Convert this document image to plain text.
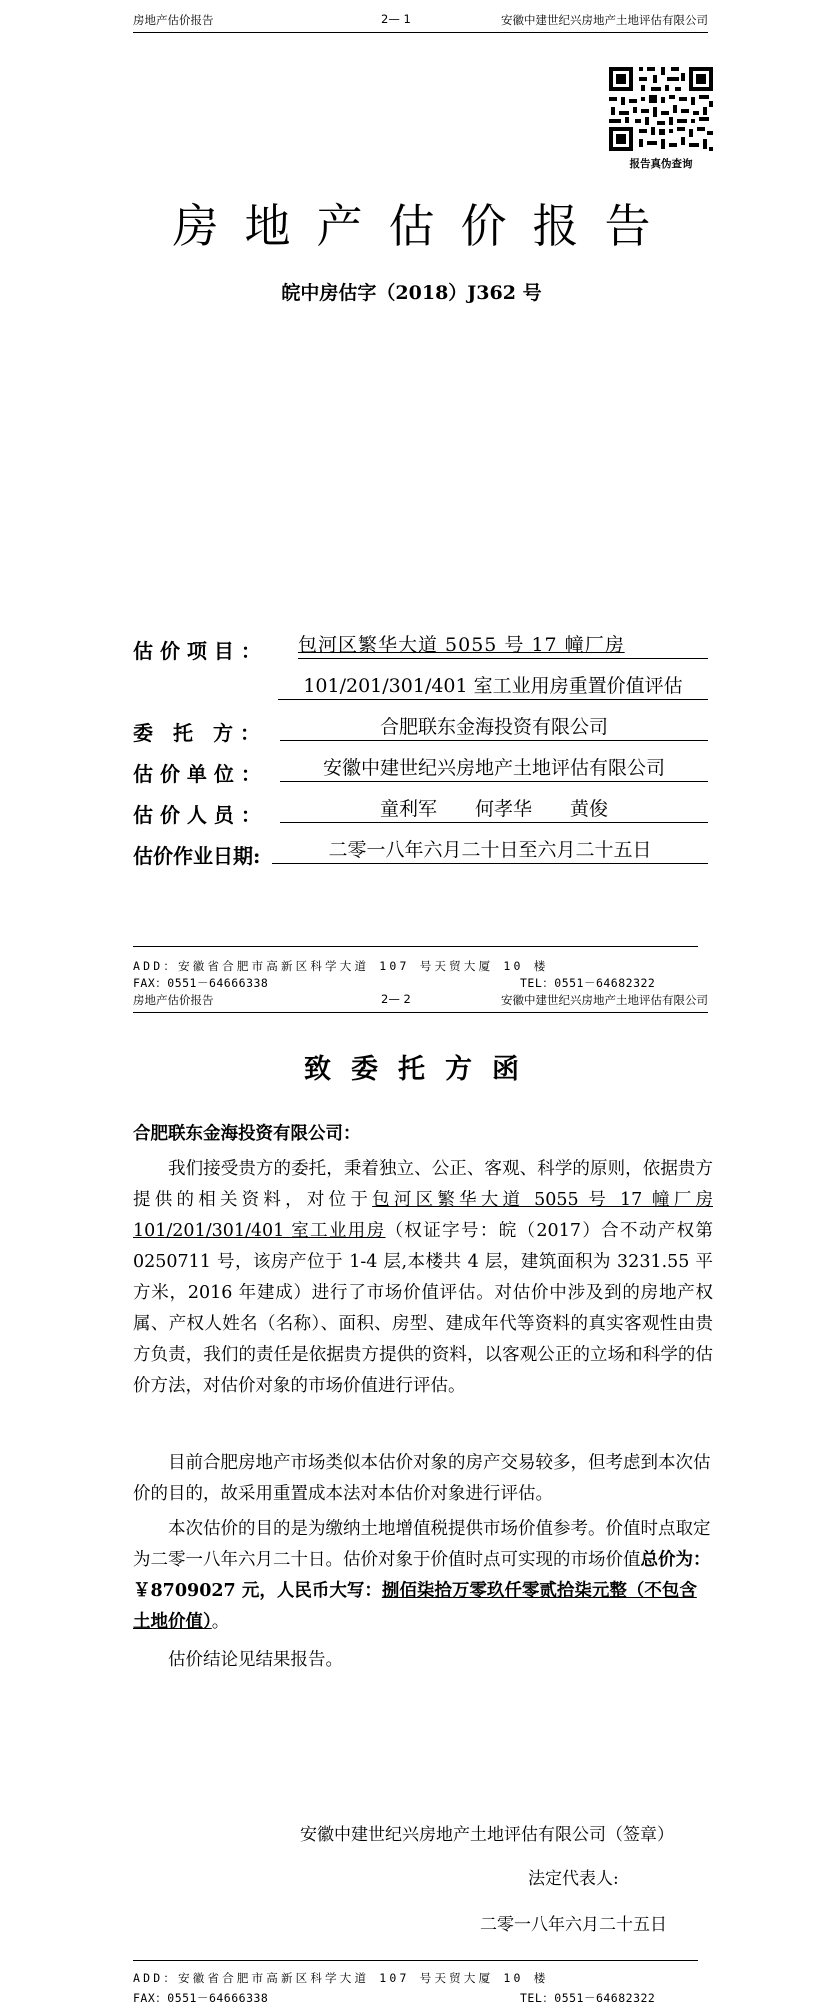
房地产估价报告	2— 1	安徽中建世纪兴房地产土地评估有限公司
报告真伪查询
房地产估价报告
皖中房估字（2018）J362 号
估 价 项 目 ： 包河区繁华大道 5055 号 17 幢厂房
101/201/301/401 室工业用房重置价值评估
委　托　方 ：	合肥联东金海投资有限公司
估 价 单 位 ：	安徽中建世纪兴房地产土地评估有限公司
估 价 人 员 ：	童利军　　何孝华　　黄俊
估价作业日期:	二零一八年六月二十日至六月二十五日
ADD：安徽省合肥市高新区科学大道 107 号天贸大厦 10 楼
FAX：0551－64666338	TEL：0551－64682322
房地产估价报告	2— 2	安徽中建世纪兴房地产土地评估有限公司
致委托方函
合肥联东金海投资有限公司：
我们接受贵方的委托，秉着独立、公正、客观、科学的原则，依据贵方提供的相关资料，对位于包河区繁华大道 5055 号 17 幢厂房 101/201/301/401 室工业用房（权证字号：皖（2017）合不动产权第 0250711 号，该房产位于 1-4 层,本楼共 4 层，建筑面积为 3231.55 平方米，2016 年建成）进行了市场价值评估。对估价中涉及到的房地产权属、产权人姓名（名称）、面积、房型、建成年代等资料的真实客观性由贵方负责，我们的责任是依据贵方提供的资料，以客观公正的立场和科学的估价方法，对估价对象的市场价值进行评估。
目前合肥房地产市场类似本估价对象的房产交易较多，但考虑到本次估价的目的，故采用重置成本法对本估价对象进行评估。
本次估价的目的是为缴纳土地增值税提供市场价值参考。价值时点取定为二零一八年六月二十日。估价对象于价值时点可实现的市场价值总价为：￥8709027 元，人民币大写：捌佰柒拾万零玖仟零贰拾柒元整（不包含土地价值）。
估价结论见结果报告。
安徽中建世纪兴房地产土地评估有限公司（签章）
法定代表人:
二零一八年六月二十五日
ADD：安徽省合肥市高新区科学大道 107 号天贸大厦 10 楼
FAX：0551－64666338	TEL：0551－64682322
